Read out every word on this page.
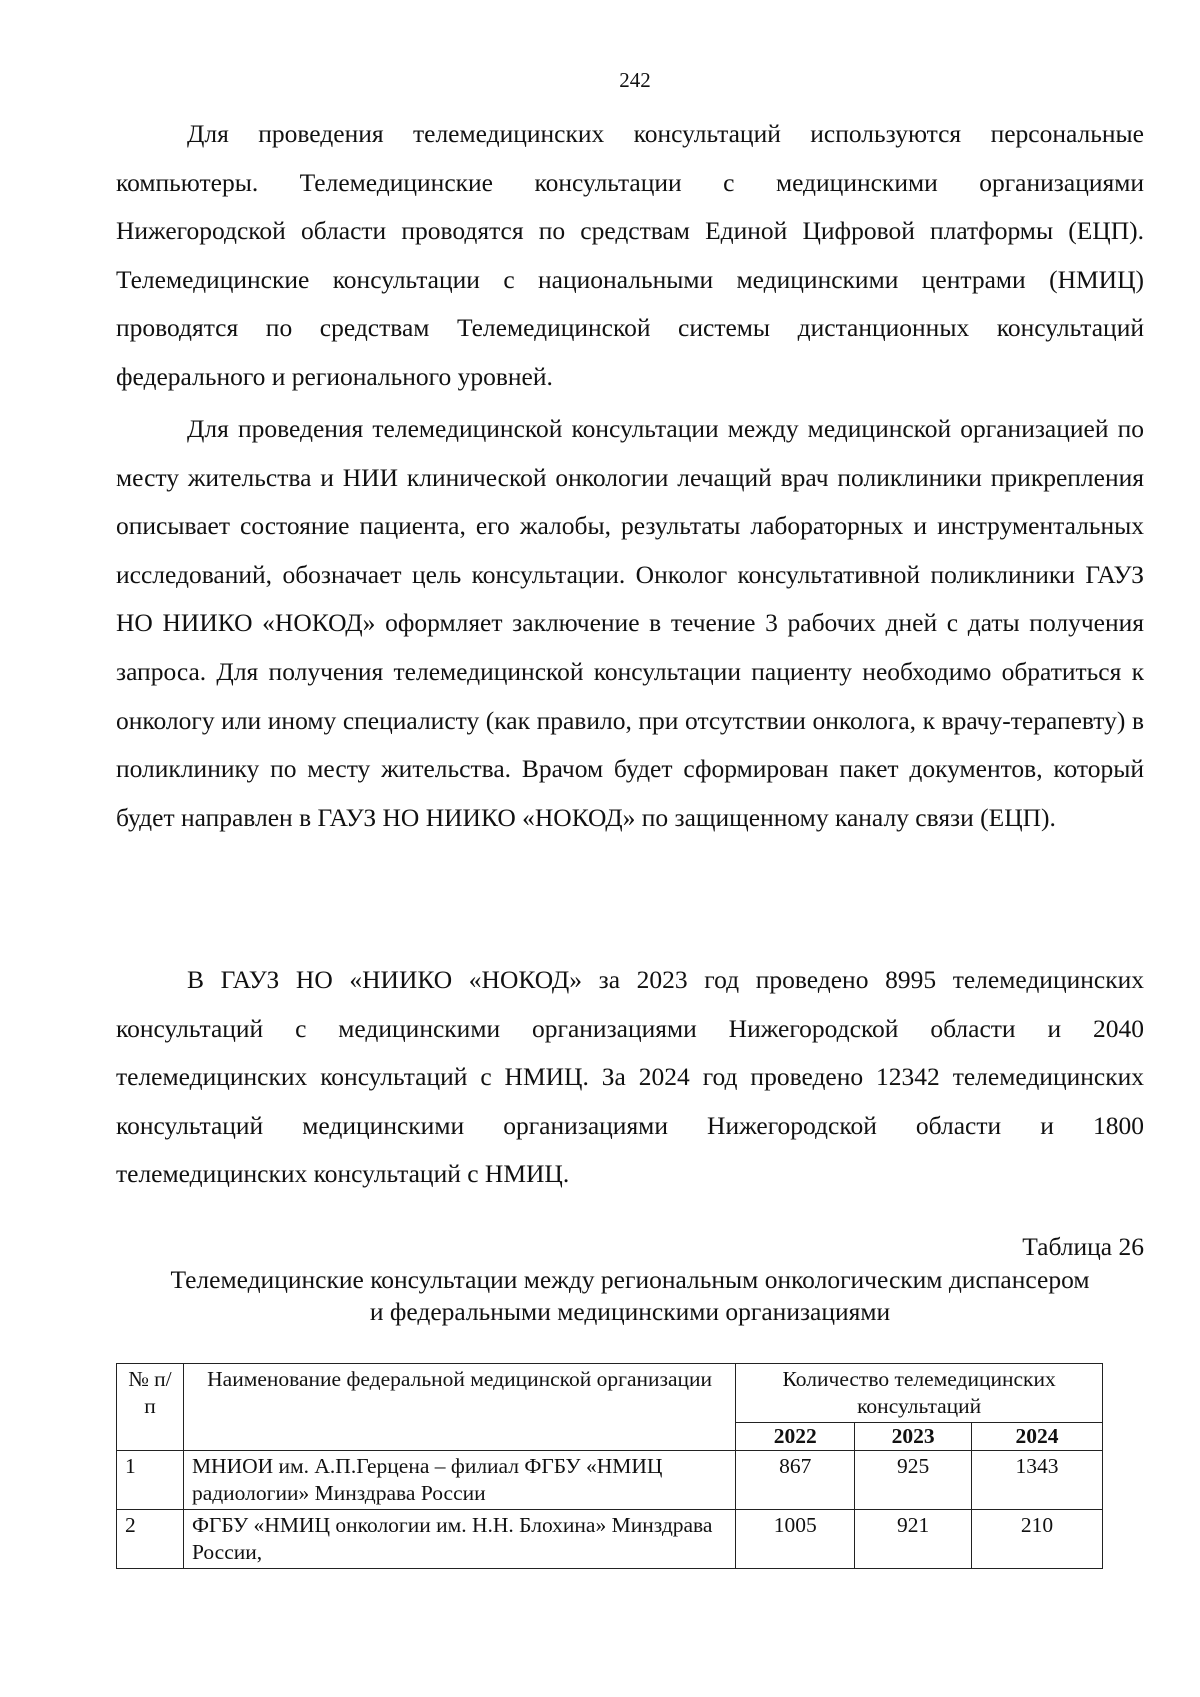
242

Для проведения телемедицинских консультаций используются персональные компьютеры. Телемедицинские консультации с медицинскими организациями Нижегородской области проводятся по средствам Единой Цифровой платформы (ЕЦП). Телемедицинские консультации с национальными медицинскими центрами (НМИЦ) проводятся по средствам Телемедицинской системы дистанционных консультаций федерального и регионального уровней.

Для проведения телемедицинской консультации между медицинской организацией по месту жительства и НИИ клинической онкологии лечащий врач поликлиники прикрепления описывает состояние пациента, его жалобы, результаты лабораторных и инструментальных исследований, обозначает цель консультации. Онколог консультативной поликлиники ГАУЗ НО НИИКО «НОКОД» оформляет заключение в течение 3 рабочих дней с даты получения запроса. Для получения телемедицинской консультации пациенту необходимо обратиться к онкологу или иному специалисту (как правило, при отсутствии онколога, к врачу-терапевту) в поликлинику по месту жительства. Врачом будет сформирован пакет документов, который будет направлен в ГАУЗ НО НИИКО «НОКОД» по защищенному каналу связи (ЕЦП).

В ГАУЗ НО «НИИКО «НОКОД» за 2023 год проведено 8995 телемедицинских консультаций с медицинскими организациями Нижегородской области и 2040 телемедицинских консультаций с НМИЦ. За 2024 год проведено 12342 телемедицинских консультаций медицинскими организациями Нижегородской области и 1800 телемедицинских консультаций с НМИЦ.

Таблица 26
Телемедицинские консультации между региональным онкологическим диспансером
и федеральными медицинскими организациями
№ п/п	Наименование федеральной медицинской организации	Количество телемедицинских консультаций		
		2022	2023	2024
1	МНИОИ им. А.П.Герцена – филиал ФГБУ «НМИЦ радиологии» Минздрава России	867	925	1343
2	ФГБУ «НМИЦ онкологии им. Н.Н. Блохина» Минздрава России,	1005	921	210
